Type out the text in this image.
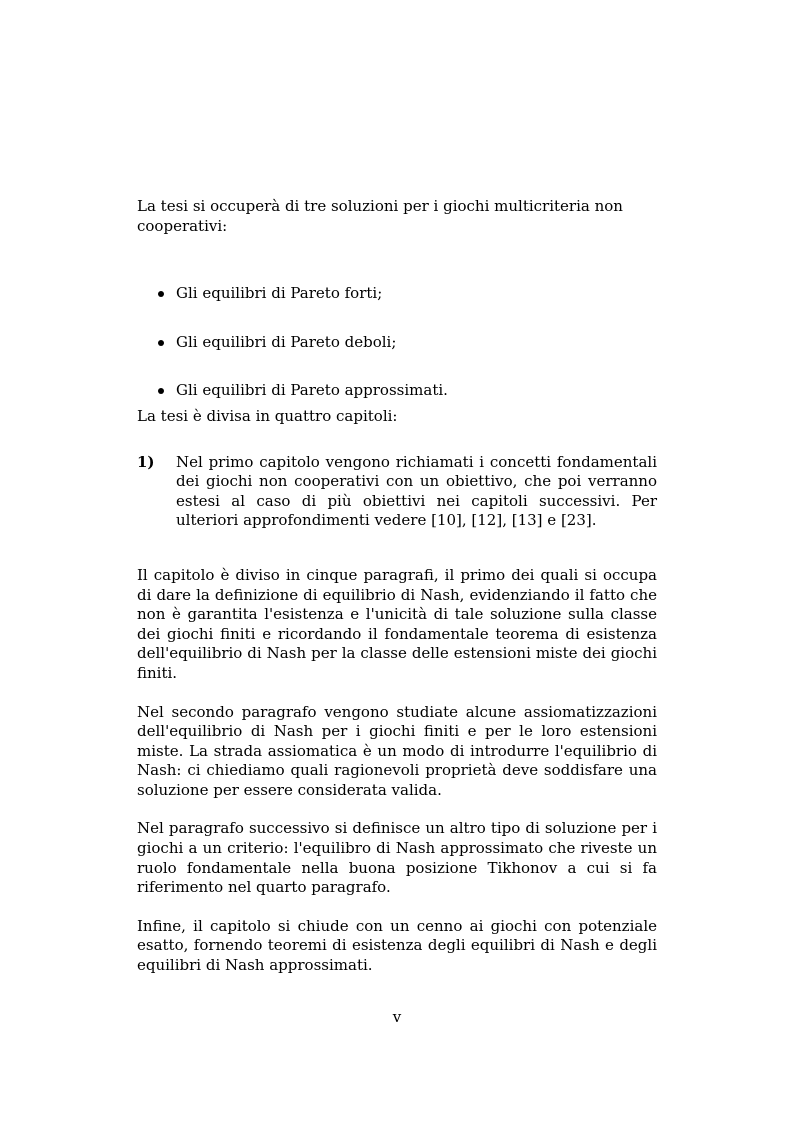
La tesi si occuperà di tre soluzioni per i giochi multicriteria non cooperativi:

Gli equilibri di Pareto forti;
Gli equilibri di Pareto deboli;
Gli equilibri di Pareto approssimati.

La tesi è divisa in quattro capitoli:

1) Nel primo capitolo vengono richiamati i concetti fondamentali dei giochi non cooperativi con un obiettivo, che poi verranno estesi al caso di più obiettivi nei capitoli successivi. Per ulteriori approfondimenti vedere [10], [12], [13] e [23].

Il capitolo è diviso in cinque paragrafi, il primo dei quali si occupa di dare la definizione di equilibrio di Nash, evidenziando il fatto che non è garantita l'esistenza e l'unicità di tale soluzione sulla classe dei giochi finiti e ricordando il fondamentale teorema di esistenza dell'equilibrio di Nash per la classe delle estensioni miste dei giochi finiti.

Nel secondo paragrafo vengono studiate alcune assiomatizzazioni dell'equilibrio di Nash per i giochi finiti e per le loro estensioni miste. La strada assiomatica è un modo di introdurre l'equilibrio di Nash: ci chiediamo quali ragionevoli proprietà deve soddisfare una soluzione per essere considerata valida.

Nel paragrafo successivo si definisce un altro tipo di soluzione per i giochi a un criterio: l'equilibro di Nash approssimato che riveste un ruolo fondamentale nella buona posizione Tikhonov a cui si fa riferimento nel quarto paragrafo.

Infine, il capitolo si chiude con un cenno ai giochi con potenziale esatto, fornendo teoremi di esistenza degli equilibri di Nash e degli equilibri di Nash approssimati.

v
